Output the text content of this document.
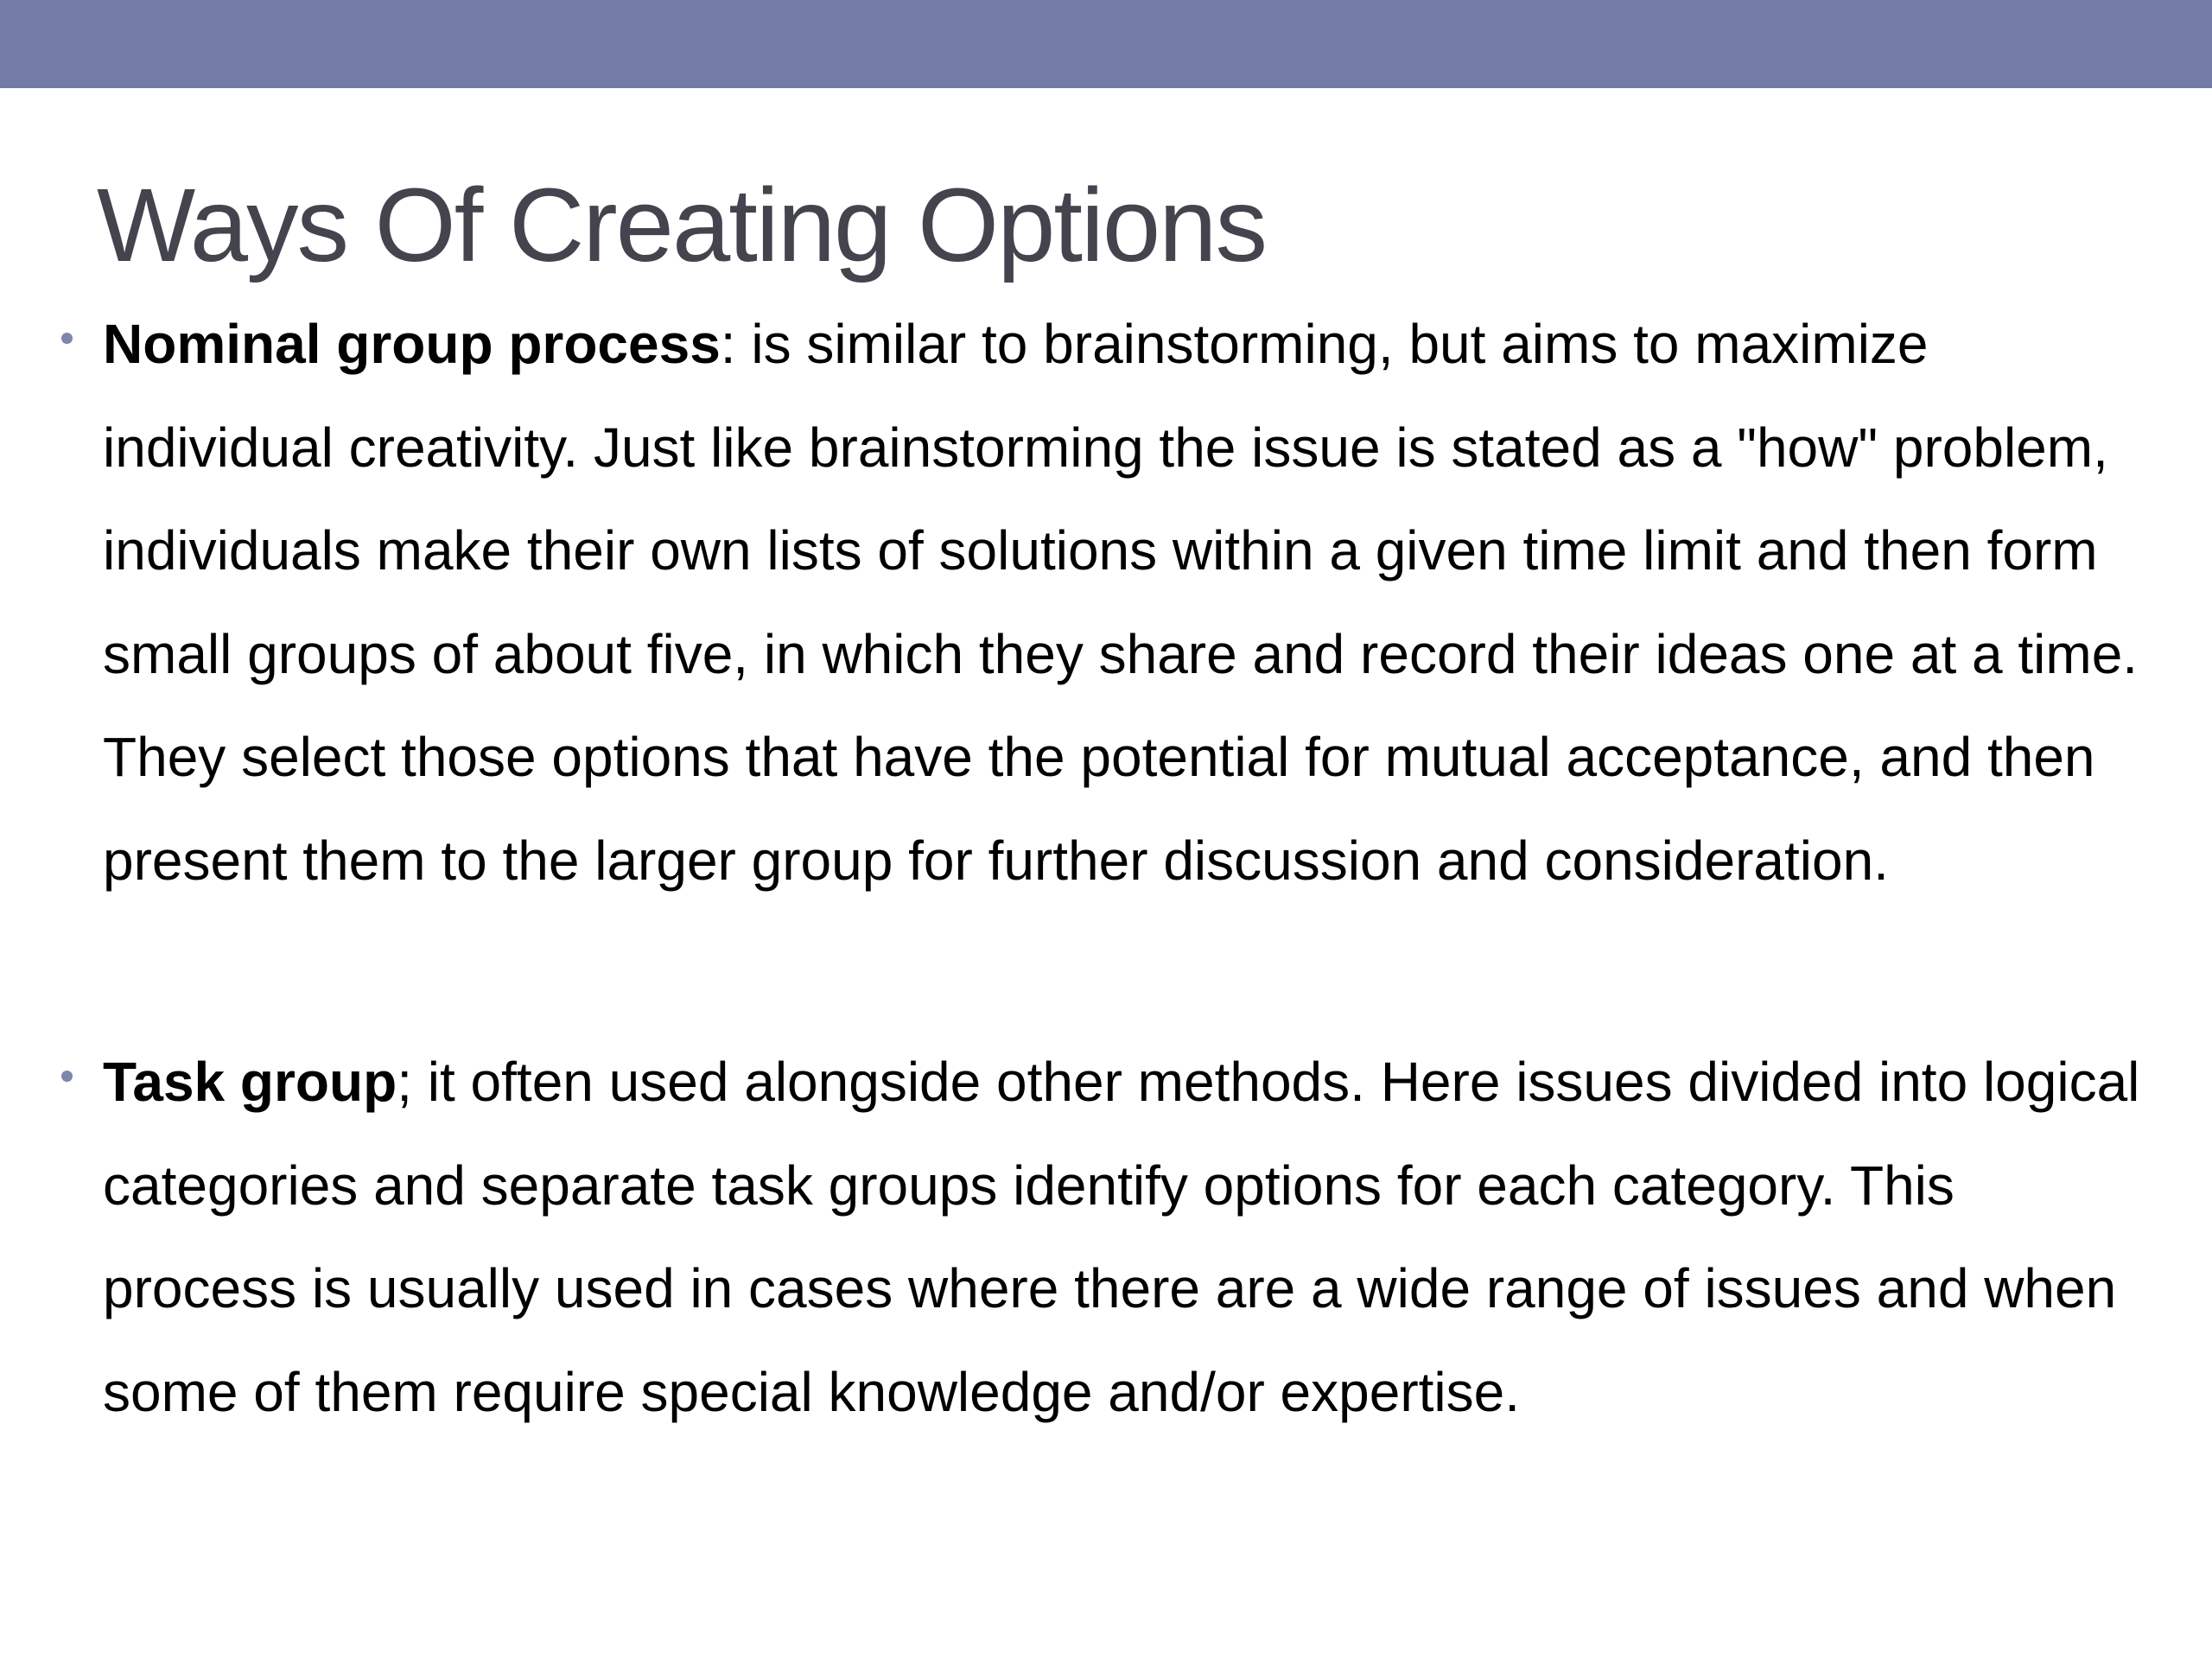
Ways Of Creating Options
Nominal group process: is similar to brainstorming, but aims to maximize individual creativity. Just like brainstorming the issue is stated as a "how" problem, individuals make their own lists of solutions within a given time limit and then form small groups of about five, in which they share and record their ideas one at a time. They select those options that have the potential for mutual acceptance, and then present them to the larger group for further discussion and consideration.
Task group; it often used alongside other methods. Here issues divided into logical categories and separate task groups identify options for each category. This process is usually used in cases where there are a wide range of issues and when some of them require special knowledge and/or expertise.
